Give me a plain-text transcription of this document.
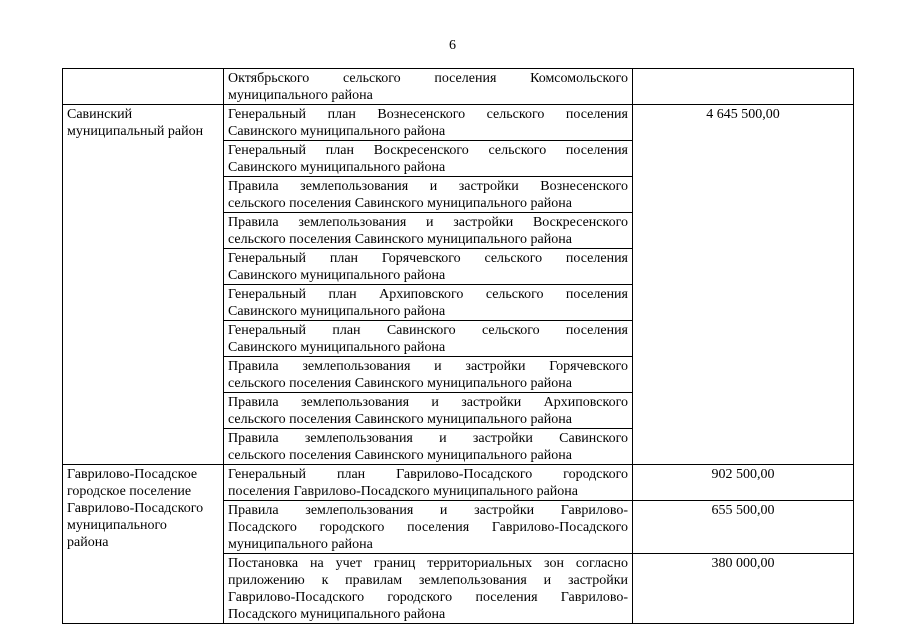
6

	Октябрьского сельского поселения Комсомольского
муниципального района	

Савинский
муниципальный район	Генеральный план Вознесенского сельского поселения
Савинского муниципального района	4 645 500,00

	Генеральный план Воскресенского сельского поселения
Савинского муниципального района	

	Правила землепользования и застройки Вознесенского
сельского поселения Савинского муниципального района	

	Правила землепользования и застройки Воскресенского
сельского поселения Савинского муниципального района	

	Генеральный план Горячевского сельского поселения
Савинского муниципального района	

	Генеральный план Архиповского сельского поселения
Савинского муниципального района	

	Генеральный план Савинского сельского поселения
Савинского муниципального района	

	Правила землепользования и застройки Горячевского
сельского поселения Савинского муниципального района	

	Правила землепользования и застройки Архиповского
сельского поселения Савинского муниципального района	

	Правила землепользования и застройки Савинского
сельского поселения Савинского муниципального района	

Гаврилово-Посадское
городское поселение
Гаврилово-Посадского
муниципального
района	Генеральный план Гаврилово-Посадского городского
поселения Гаврилово-Посадского муниципального района	902 500,00

	Правила землепользования и застройки Гаврилово-
Посадского городского поселения Гаврилово-Посадского
муниципального района	655 500,00

	Постановка на учет границ территориальных зон согласно
приложению к правилам землепользования и застройки
Гаврилово-Посадского городского поселения Гаврилово-
Посадского муниципального района	380 000,00
